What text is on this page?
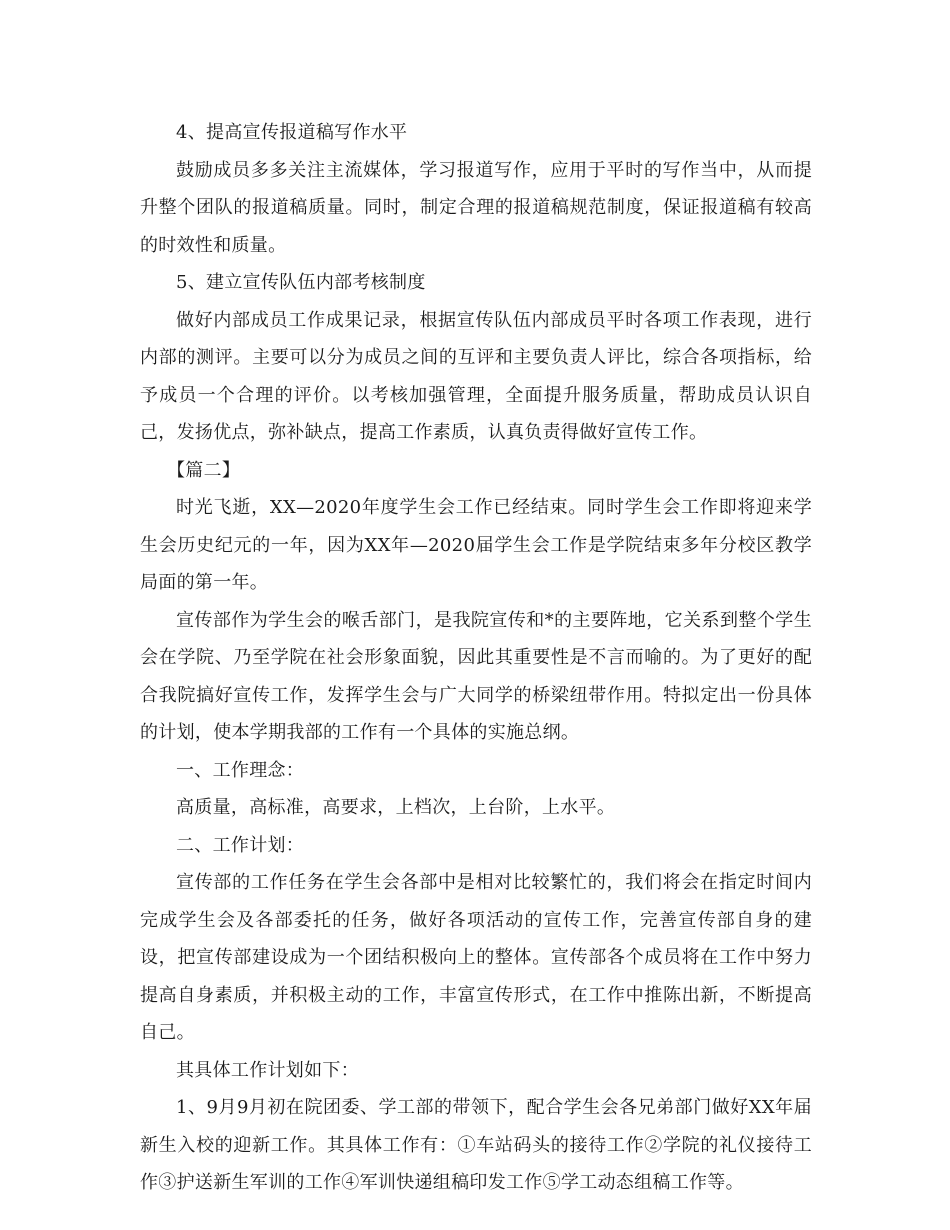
4、提高宣传报道稿写作水平

鼓励成员多多关注主流媒体，学习报道写作，应用于平时的写作当中，从而提升整个团队的报道稿质量。同时，制定合理的报道稿规范制度，保证报道稿有较高的时效性和质量。

5、建立宣传队伍内部考核制度

做好内部成员工作成果记录，根据宣传队伍内部成员平时各项工作表现，进行内部的测评。主要可以分为成员之间的互评和主要负责人评比，综合各项指标，给予成员一个合理的评价。以考核加强管理，全面提升服务质量，帮助成员认识自己，发扬优点，弥补缺点，提高工作素质，认真负责得做好宣传工作。

【篇二】

时光飞逝，XX—2020年度学生会工作已经结束。同时学生会工作即将迎来学生会历史纪元的一年，因为XX年—2020届学生会工作是学院结束多年分校区教学局面的第一年。

宣传部作为学生会的喉舌部门，是我院宣传和*的主要阵地，它关系到整个学生会在学院、乃至学院在社会形象面貌，因此其重要性是不言而喻的。为了更好的配合我院搞好宣传工作，发挥学生会与广大同学的桥梁纽带作用。特拟定出一份具体的计划，使本学期我部的工作有一个具体的实施总纲。

一、工作理念：

高质量，高标准，高要求，上档次，上台阶，上水平。

二、工作计划：

宣传部的工作任务在学生会各部中是相对比较繁忙的，我们将会在指定时间内完成学生会及各部委托的任务，做好各项活动的宣传工作，完善宣传部自身的建设，把宣传部建设成为一个团结积极向上的整体。宣传部各个成员将在工作中努力提高自身素质，并积极主动的工作，丰富宣传形式，在工作中推陈出新，不断提高自己。

其具体工作计划如下：

1、9月9月初在院团委、学工部的带领下，配合学生会各兄弟部门做好XX年届新生入校的迎新工作。其具体工作有：①车站码头的接待工作②学院的礼仪接待工作③护送新生军训的工作④军训快递组稿印发工作⑤学工动态组稿工作等。
